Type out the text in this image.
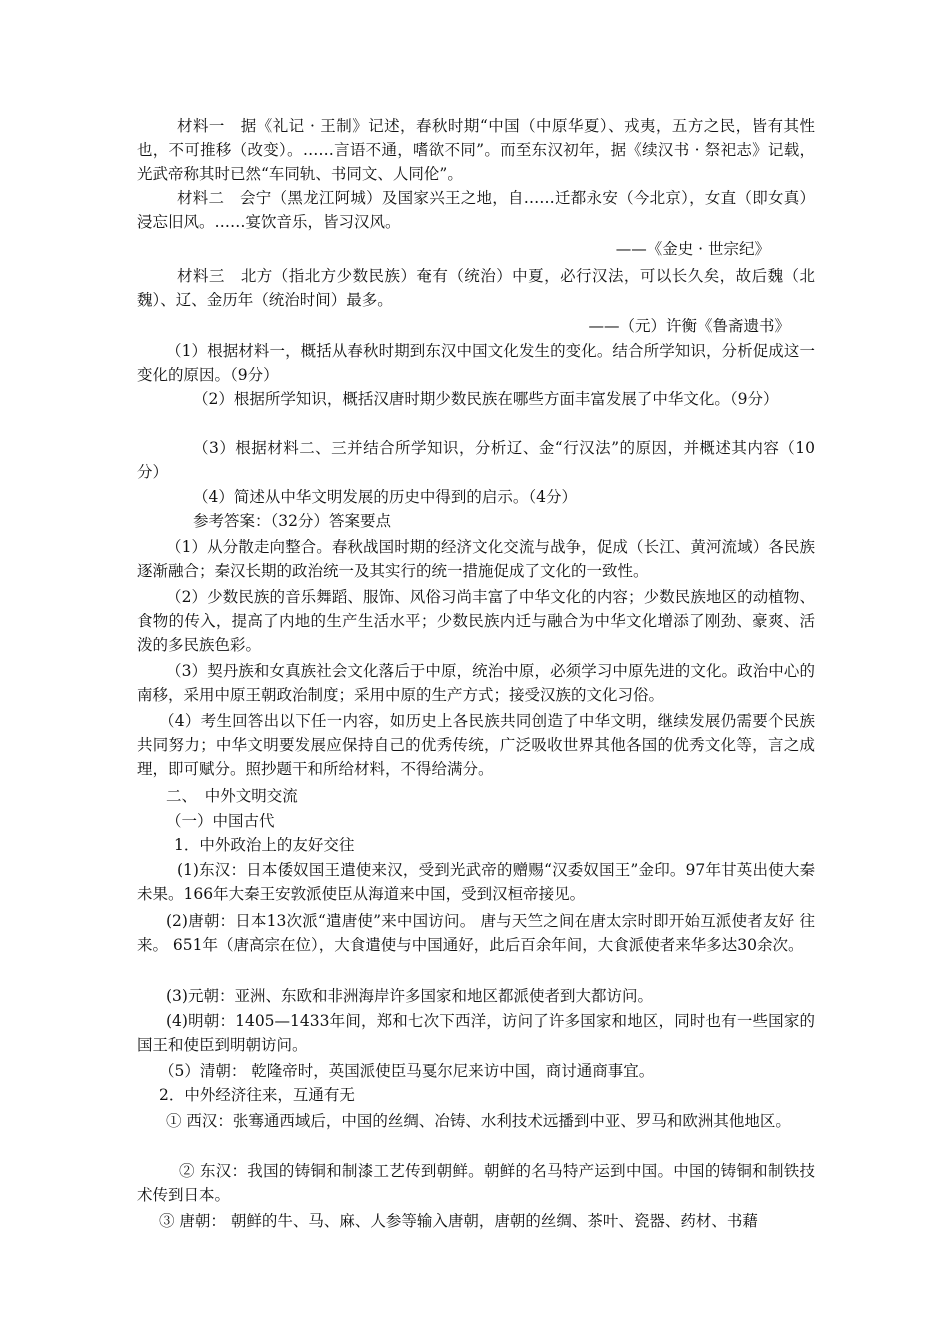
材料一　据《礼记 · 王制》记述，春秋时期“中国（中原华夏）、戎夷，五方之民，皆有其性也，不可推移（改变）。……言语不通，嗜欲不同”。而至东汉初年，据《续汉书 · 祭祀志》记载，光武帝称其时已然“车同轨、书同文、人同伦”。

材料二　会宁（黑龙江阿城）及国家兴王之地，自……迁都永安（今北京），女直（即女真）浸忘旧风。……宴饮音乐，皆习汉风。

——《金史 · 世宗纪》

材料三　北方（指北方少数民族）奄有（统治）中夏，必行汉法，可以长久矣，故后魏（北魏）、辽、金历年（统治时间）最多。

——（元）许衡《鲁斋遗书》

（1）根据材料一，概括从春秋时期到东汉中国文化发生的变化。结合所学知识，分析促成这一变化的原因。（9分）

（2）根据所学知识，概括汉唐时期少数民族在哪些方面丰富发展了中华文化。（9分）

（3）根据材料二、三并结合所学知识，分析辽、金“行汉法”的原因，并概述其内容（10　分）

（4）简述从中华文明发展的历史中得到的启示。（4分）

参考答案：（32分）答案要点

（1）从分散走向整合。春秋战国时期的经济文化交流与战争，促成（长江、黄河流域）各民族逐渐融合；秦汉长期的政治统一及其实行的统一措施促成了文化的一致性。

（2）少数民族的音乐舞蹈、服饰、风俗习尚丰富了中华文化的内容；少数民族地区的动植物、食物的传入，提高了内地的生产生活水平；少数民族内迁与融合为中华文化增添了刚劲、豪爽、活泼的多民族色彩。

（3）契丹族和女真族社会文化落后于中原，统治中原，必须学习中原先进的文化。政治中心的南移，采用中原王朝政治制度；采用中原的生产方式；接受汉族的文化习俗。

（4）考生回答出以下任一内容，如历史上各民族共同创造了中华文明，继续发展仍需要个民族共同努力；中华文明要发展应保持自己的优秀传统，广泛吸收世界其他各国的优秀文化等，言之成理，即可赋分。照抄题干和所给材料，不得给满分。

二、　中外文明交流

（一）中国古代

1．中外政治上的友好交往

(1)东汉：日本倭奴国王遣使来汉，受到光武帝的赠赐“汉委奴国王”金印。97年甘英出使大秦未果。166年大秦王安敦派使臣从海道来中国，受到汉桓帝接见。

(2)唐朝：日本13次派“遣唐使”来中国访问。 唐与天竺之间在唐太宗时即开始互派使者友好 往来。 651年（唐高宗在位），大食遣使与中国通好，此后百余年间，大食派使者来华多达30余次。

(3)元朝：亚洲、东欧和非洲海岸许多国家和地区都派使者到大都访问。

(4)明朝：1405—1433年间，郑和七次下西洋，访问了许多国家和地区，同时也有一些国家的国王和使臣到明朝访问。

（5）清朝： 乾隆帝时，英国派使臣马戛尔尼来访中国，商讨通商事宜。

2．中外经济往来，互通有无

① 西汉：张骞通西域后，中国的丝绸、冶铸、水利技术远播到中亚、罗马和欧洲其他地区。

② 东汉：我国的铸铜和制漆工艺传到朝鲜。朝鲜的名马特产运到中国。中国的铸铜和制铁技术传到日本。

③ 唐朝： 朝鲜的牛、马、麻、人参等输入唐朝，唐朝的丝绸、茶叶、瓷器、药材、书藉
